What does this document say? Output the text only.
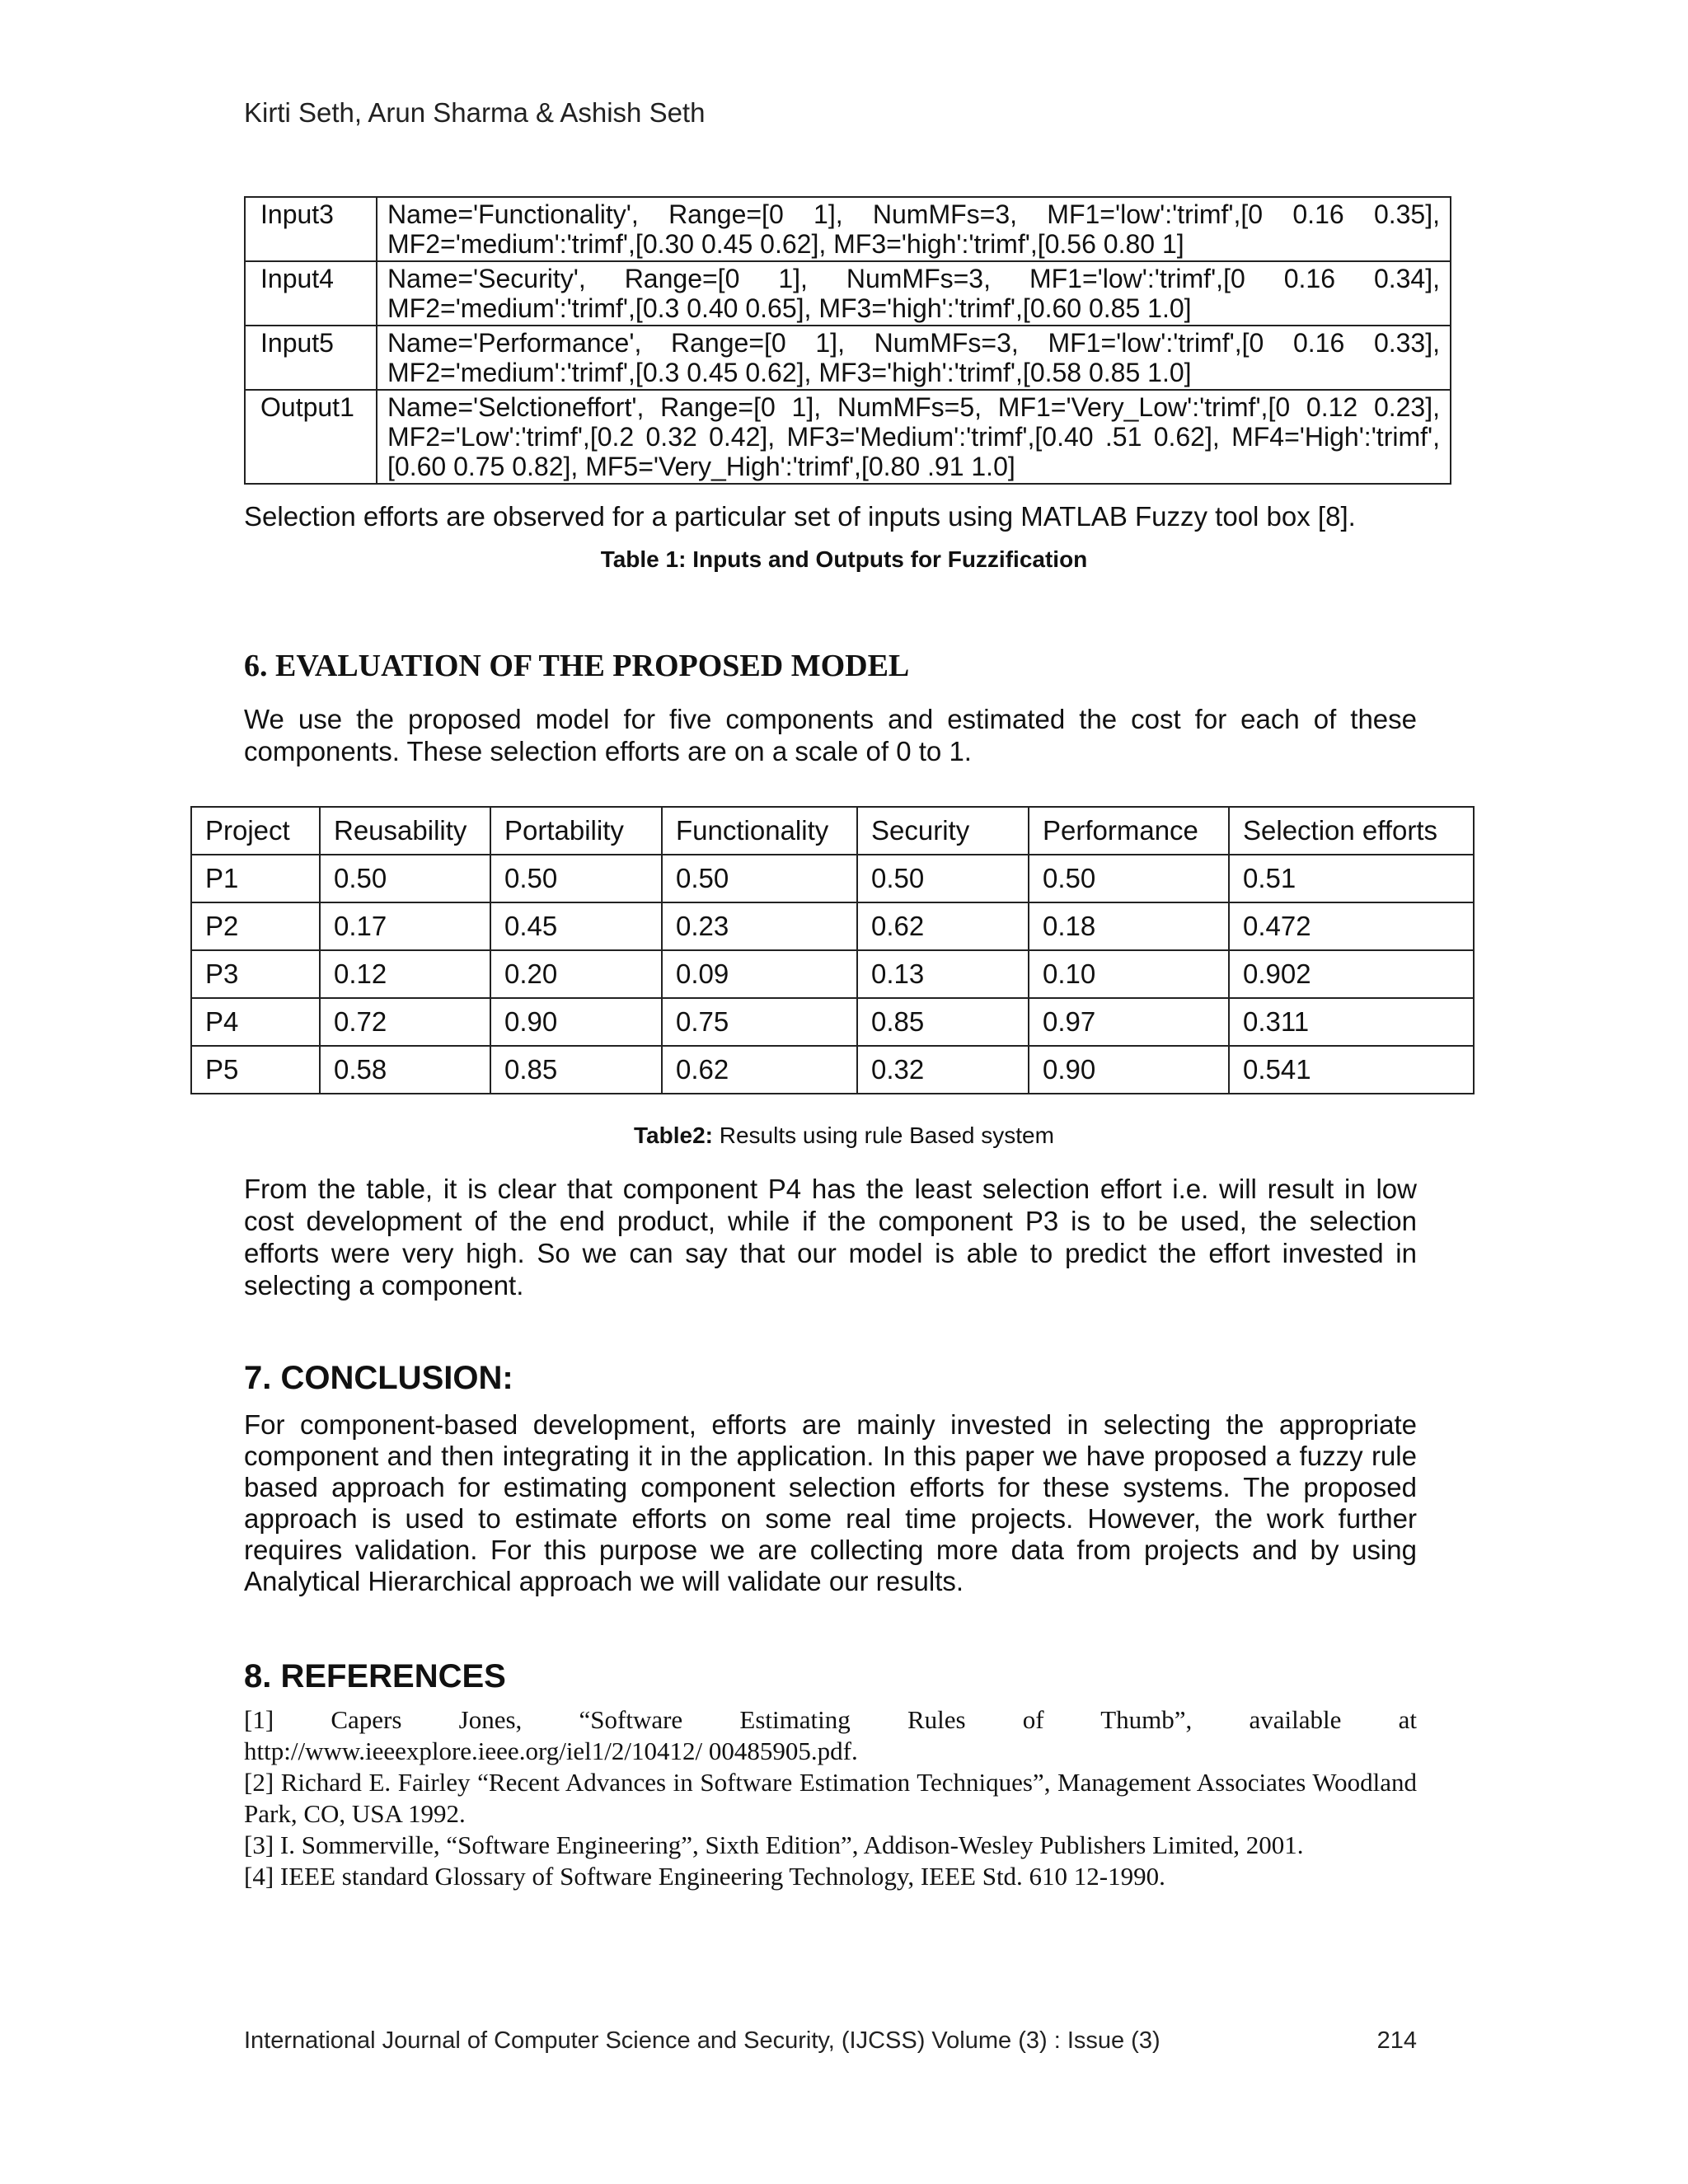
Kirti Seth, Arun Sharma & Ashish Seth
Input3	Name='Functionality', Range=[0 1], NumMFs=3, MF1='low':'trimf',[0 0.16 0.35], MF2='medium':'trimf',[0.30 0.45 0.62], MF3='high':'trimf',[0.56 0.80 1]
Input4	Name='Security', Range=[0 1], NumMFs=3, MF1='low':'trimf',[0 0.16 0.34], MF2='medium':'trimf',[0.3 0.40 0.65], MF3='high':'trimf',[0.60 0.85 1.0]
Input5	Name='Performance', Range=[0 1], NumMFs=3, MF1='low':'trimf',[0 0.16 0.33], MF2='medium':'trimf',[0.3 0.45 0.62], MF3='high':'trimf',[0.58 0.85 1.0]
Output1	Name='Selctioneffort', Range=[0 1], NumMFs=5, MF1='Very_Low':'trimf',[0 0.12 0.23], MF2='Low':'trimf',[0.2 0.32 0.42], MF3='Medium':'trimf',[0.40 .51 0.62], MF4='High':'trimf',[0.60 0.75 0.82], MF5='Very_High':'trimf',[0.80 .91 1.0]
Selection efforts are observed for a particular set of inputs using MATLAB Fuzzy tool box [8].
Table 1: Inputs and Outputs for Fuzzification
6. EVALUATION OF THE PROPOSED MODEL

We use the proposed model for five components and estimated the cost for each of these components. These selection efforts are on a scale of 0 to 1.

Project	Reusability	Portability	Functionality	Security	Performance	Selection efforts
P1	0.50	0.50	0.50	0.50	0.50	0.51
P2	0.17	0.45	0.23	0.62	0.18	0.472
P3	0.12	0.20	0.09	0.13	0.10	0.902
P4	0.72	0.90	0.75	0.85	0.97	0.311
P5	0.58	0.85	0.62	0.32	0.90	0.541
Table2: Results using rule Based system

From the table, it is clear that component P4 has the least selection effort i.e. will result in low cost development of the end product, while if the component P3 is to be used, the selection efforts were very high. So we can say that our model is able to predict the effort invested in selecting a component.

7. CONCLUSION:

For component-based development, efforts are mainly invested in selecting the appropriate component and then integrating it in the application. In this paper we have proposed a fuzzy rule based approach for estimating component selection efforts for these systems. The proposed approach is used to estimate efforts on some real time projects. However, the work further requires validation. For this purpose we are collecting more data from projects and by using Analytical Hierarchical approach we will validate our results.

8. REFERENCES

[1] Capers Jones, “Software Estimating Rules of Thumb”, available at http://www.ieeexplore.ieee.org/iel1/2/10412/ 00485905.pdf.

[2] Richard E. Fairley “Recent Advances in Software Estimation Techniques”, Management Associates Woodland Park, CO, USA 1992.

[3] I. Sommerville, “Software Engineering”, Sixth Edition”, Addison-Wesley Publishers Limited, 2001.

[4] IEEE standard Glossary of Software Engineering Technology, IEEE Std. 610 12-1990.

International Journal of Computer Science and Security, (IJCSS) Volume (3) : Issue (3)	214
